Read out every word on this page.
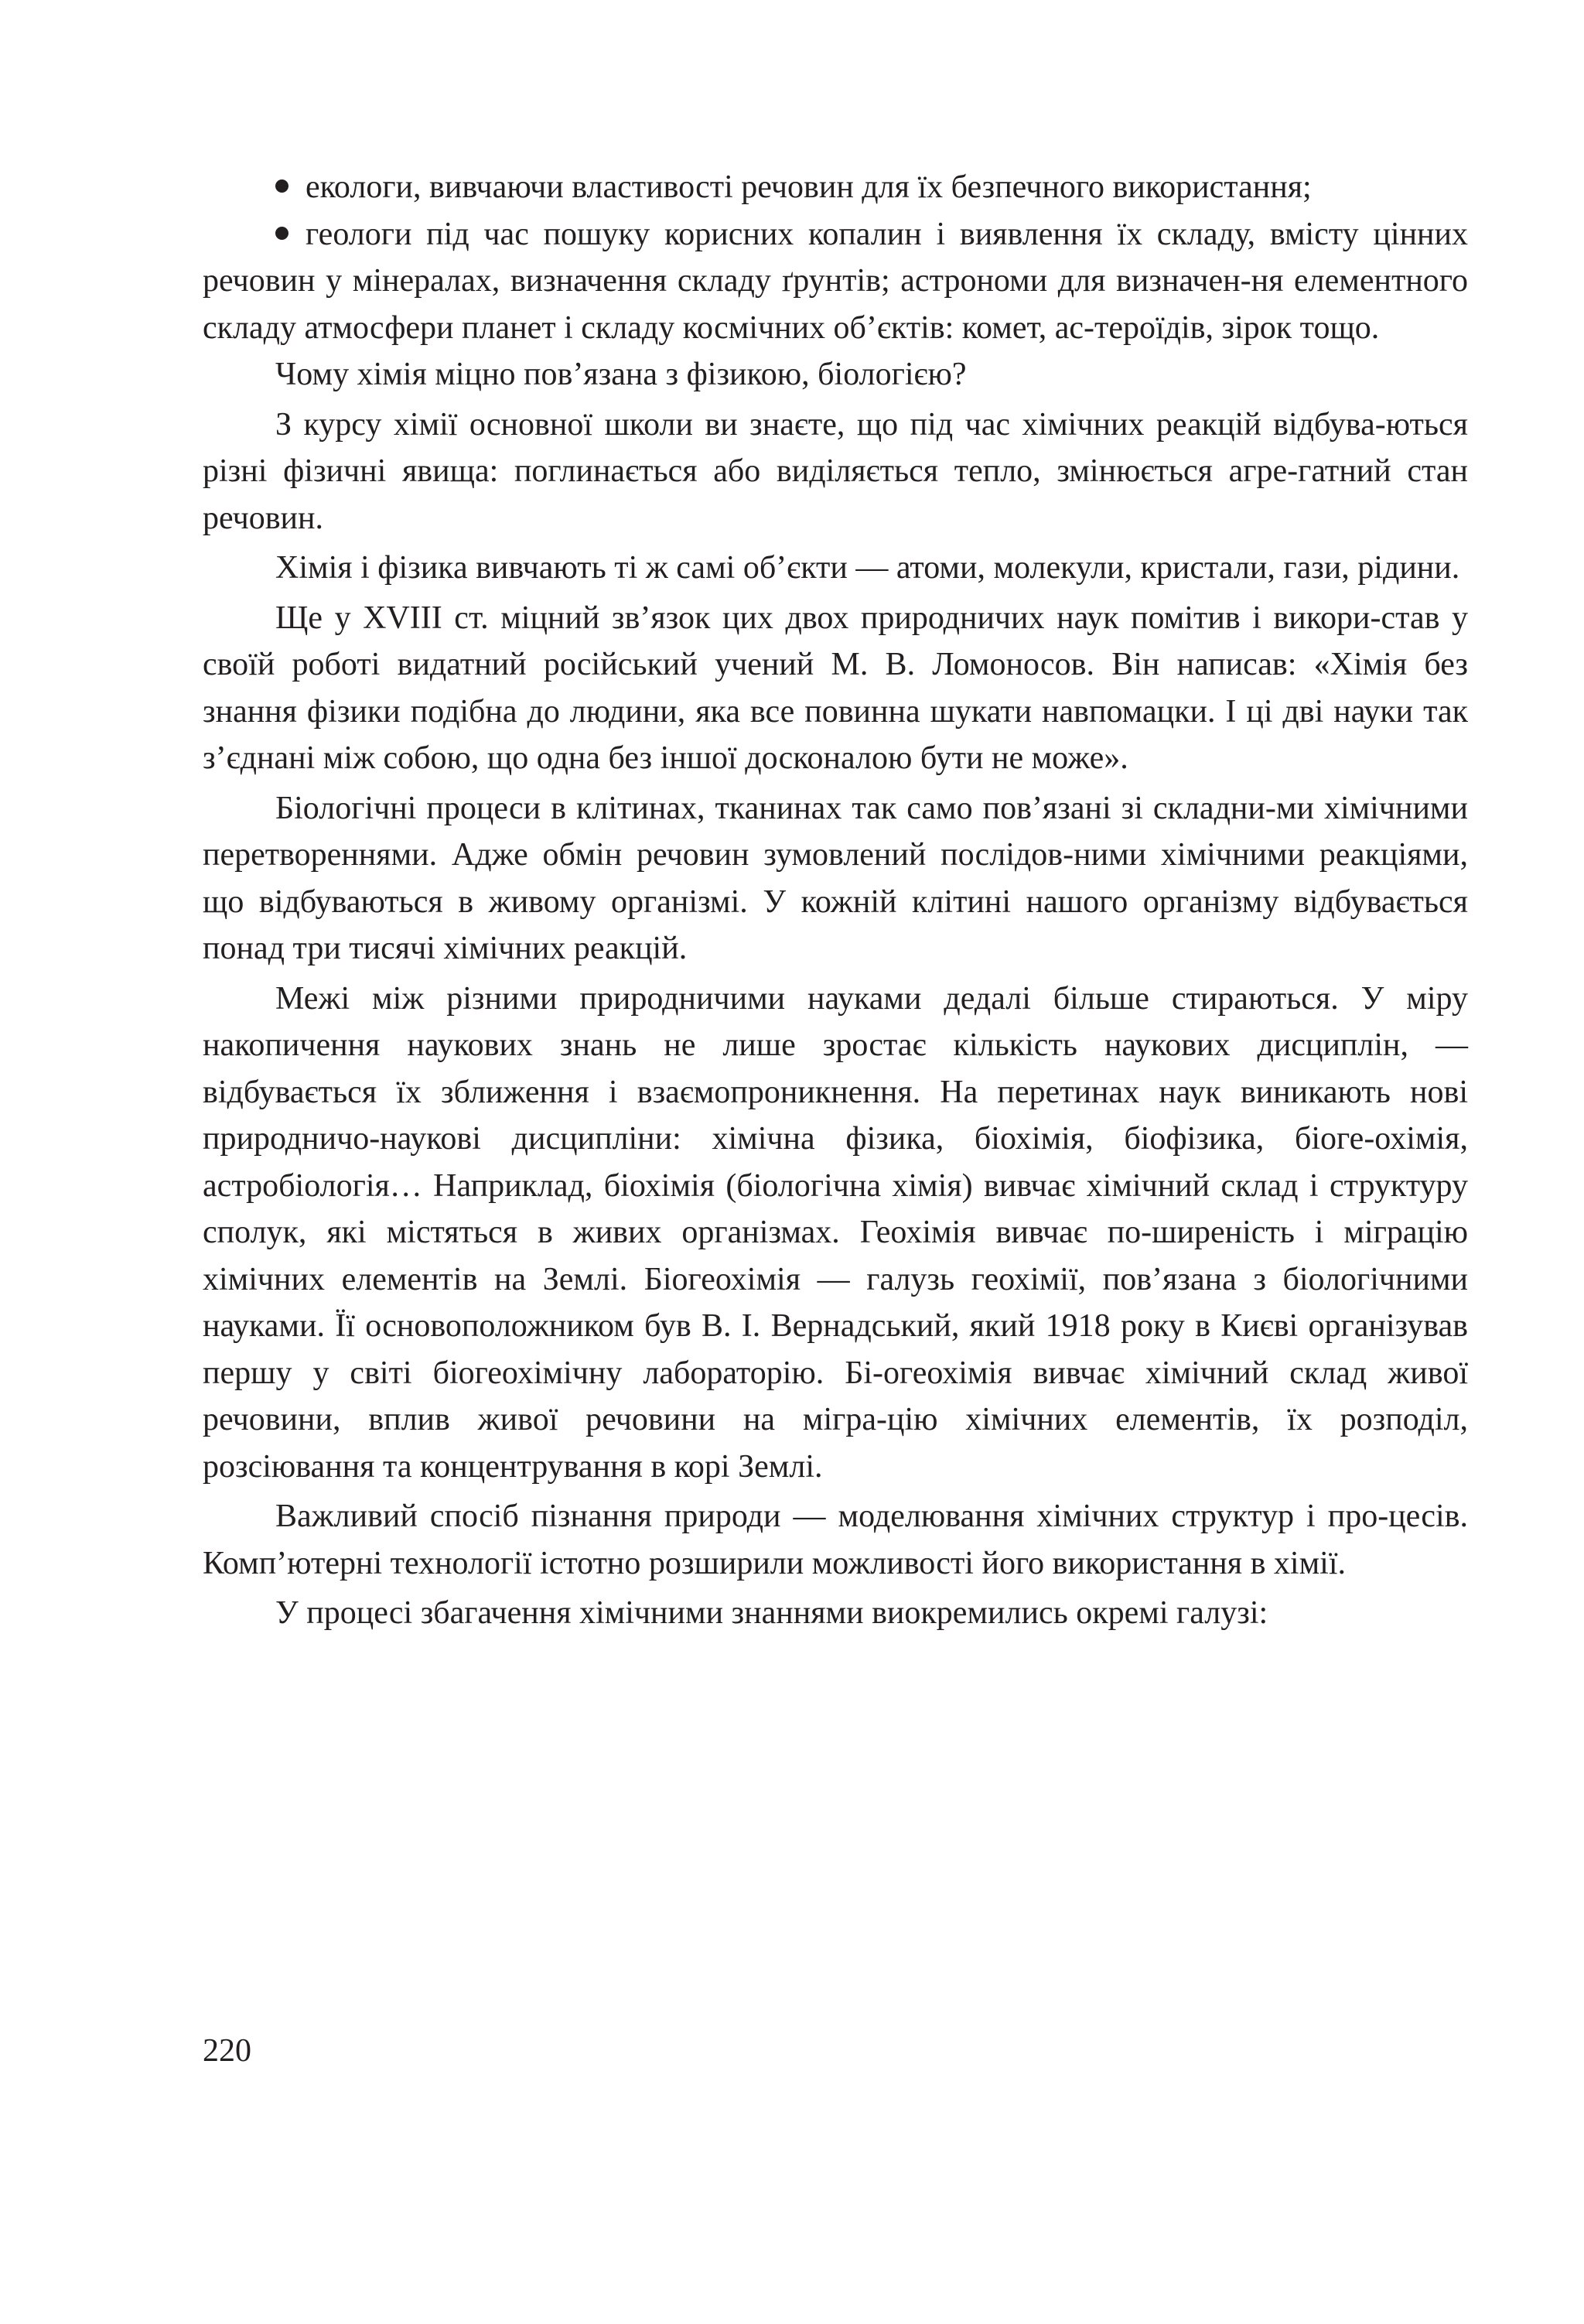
екологи, вивчаючи властивості речовин для їх безпечного використання;

геологи під час пошуку корисних копалин і виявлення їх складу, вмісту цінних речовин у мінералах, визначення складу ґрунтів; астрономи для визначен-ня елементного складу атмосфери планет і складу космічних об’єктів: комет, ас-тероїдів, зірок тощо.

Чому хімія міцно пов’язана з фізикою, біологією?

З курсу хімії основної школи ви знаєте, що під час хімічних реакцій відбува-ються різні фізичні явища: поглинається або виділяється тепло, змінюється агре-гатний стан речовин.

Хімія і фізика вивчають ті ж самі об’єкти — атоми, молекули, кристали, гази, рідини.

Ще у XVIII ст. міцний зв’язок цих двох природничих наук помітив і викори-став у своїй роботі видатний російський учений М. В. Ломоносов. Він написав: «Хімія без знання фізики подібна до людини, яка все повинна шукати навпомацки. І ці дві науки так з’єднані між собою, що одна без іншої досконалою бути не може».

Біологічні процеси в клітинах, тканинах так само пов’язані зі складни-ми хімічними перетвореннями. Адже обмін речовин зумовлений послідов-ними хімічними реакціями, що відбуваються в живому організмі. У кожній клітині нашого організму відбувається понад три тисячі хімічних реакцій.

Межі між різними природничими науками дедалі більше стираються. У міру накопичення наукових знань не лише зростає кількість наукових дисциплін, — відбувається їх зближення і взаємопроникнення. На перетинах наук виникають нові природничо-наукові дисципліни: хімічна фізика, біохімія, біофізика, біоге-охімія, астробіологія… Наприклад, біохімія (біологічна хімія) вивчає хімічний склад і структуру сполук, які містяться в живих організмах. Геохімія вивчає по-ширеність і міграцію хімічних елементів на Землі. Біогеохімія — галузь геохімії, пов’язана з біологічними науками. Її основоположником був В. І. Вернадський, який 1918 року в Києві організував першу у світі біогеохімічну лабораторію. Бі-огеохімія вивчає хімічний склад живої речовини, вплив живої речовини на мігра-цію хімічних елементів, їх розподіл, розсіювання та концентрування в корі Землі.

Важливий спосіб пізнання природи — моделювання хімічних структур і про-цесів. Комп’ютерні технології істотно розширили можливості його використання в хімії.

У процесі збагачення хімічними знаннями виокремились окремі галузі:

220
